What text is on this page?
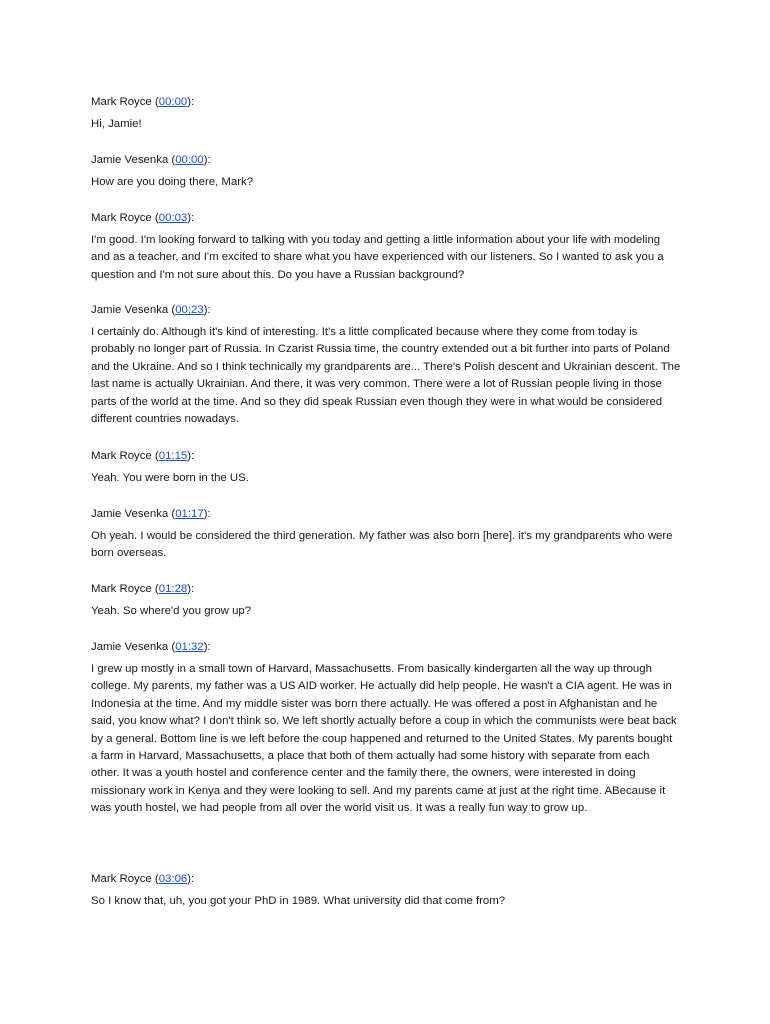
Mark Royce (00:00):
Hi, Jamie!
Jamie Vesenka (00:00):
How are you doing there, Mark?
Mark Royce (00:03):
I'm good. I'm looking forward to talking with you today and getting a little information about your life with modeling and as a teacher, and I'm excited to share what you have experienced with our listeners. So I wanted to ask you a question and I'm not sure about this. Do you have a Russian background?
Jamie Vesenka (00:23):
I certainly do. Although it's kind of interesting. It's a little complicated because where they come from today is probably no longer part of Russia. In Czarist Russia time, the country extended out a bit further into parts of Poland and the Ukraine. And so I think technically my grandparents are... There's Polish descent and Ukrainian descent. The last name is actually Ukrainian. And there, it was very common. There were a lot of Russian people living in those parts of the world at the time. And so they did speak Russian even though they were in what would be considered different countries nowadays.
Mark Royce (01:15):
Yeah. You were born in the US.
Jamie Vesenka (01:17):
Oh yeah. I would be considered the third generation. My father was also born [here]. it's my grandparents who were born overseas.
Mark Royce (01:28):
Yeah. So where'd you grow up?
Jamie Vesenka (01:32):
I grew up mostly in a small town of Harvard, Massachusetts. From basically kindergarten all the way up through college. My parents, my father was a US AID worker. He actually did help people. He wasn't a CIA agent. He was in Indonesia at the time. And my middle sister was born there actually. He was offered a post in Afghanistan and he said, you know what? I don't think so. We left shortly actually before a coup in which the communists were beat back by a general. Bottom line is we left before the coup happened and returned to the United States. My parents bought a farm in Harvard, Massachusetts, a place that both of them actually had some history with separate from each other. It was a youth hostel and conference center and the family there, the owners, were interested in doing missionary work in Kenya and they were looking to sell. And my parents came at just at the right time. ABecause it was youth hostel, we had people from all over the world visit us. It was a really fun way to grow up.
Mark Royce (03:06):
So I know that, uh, you got your PhD in 1989. What university did that come from?
